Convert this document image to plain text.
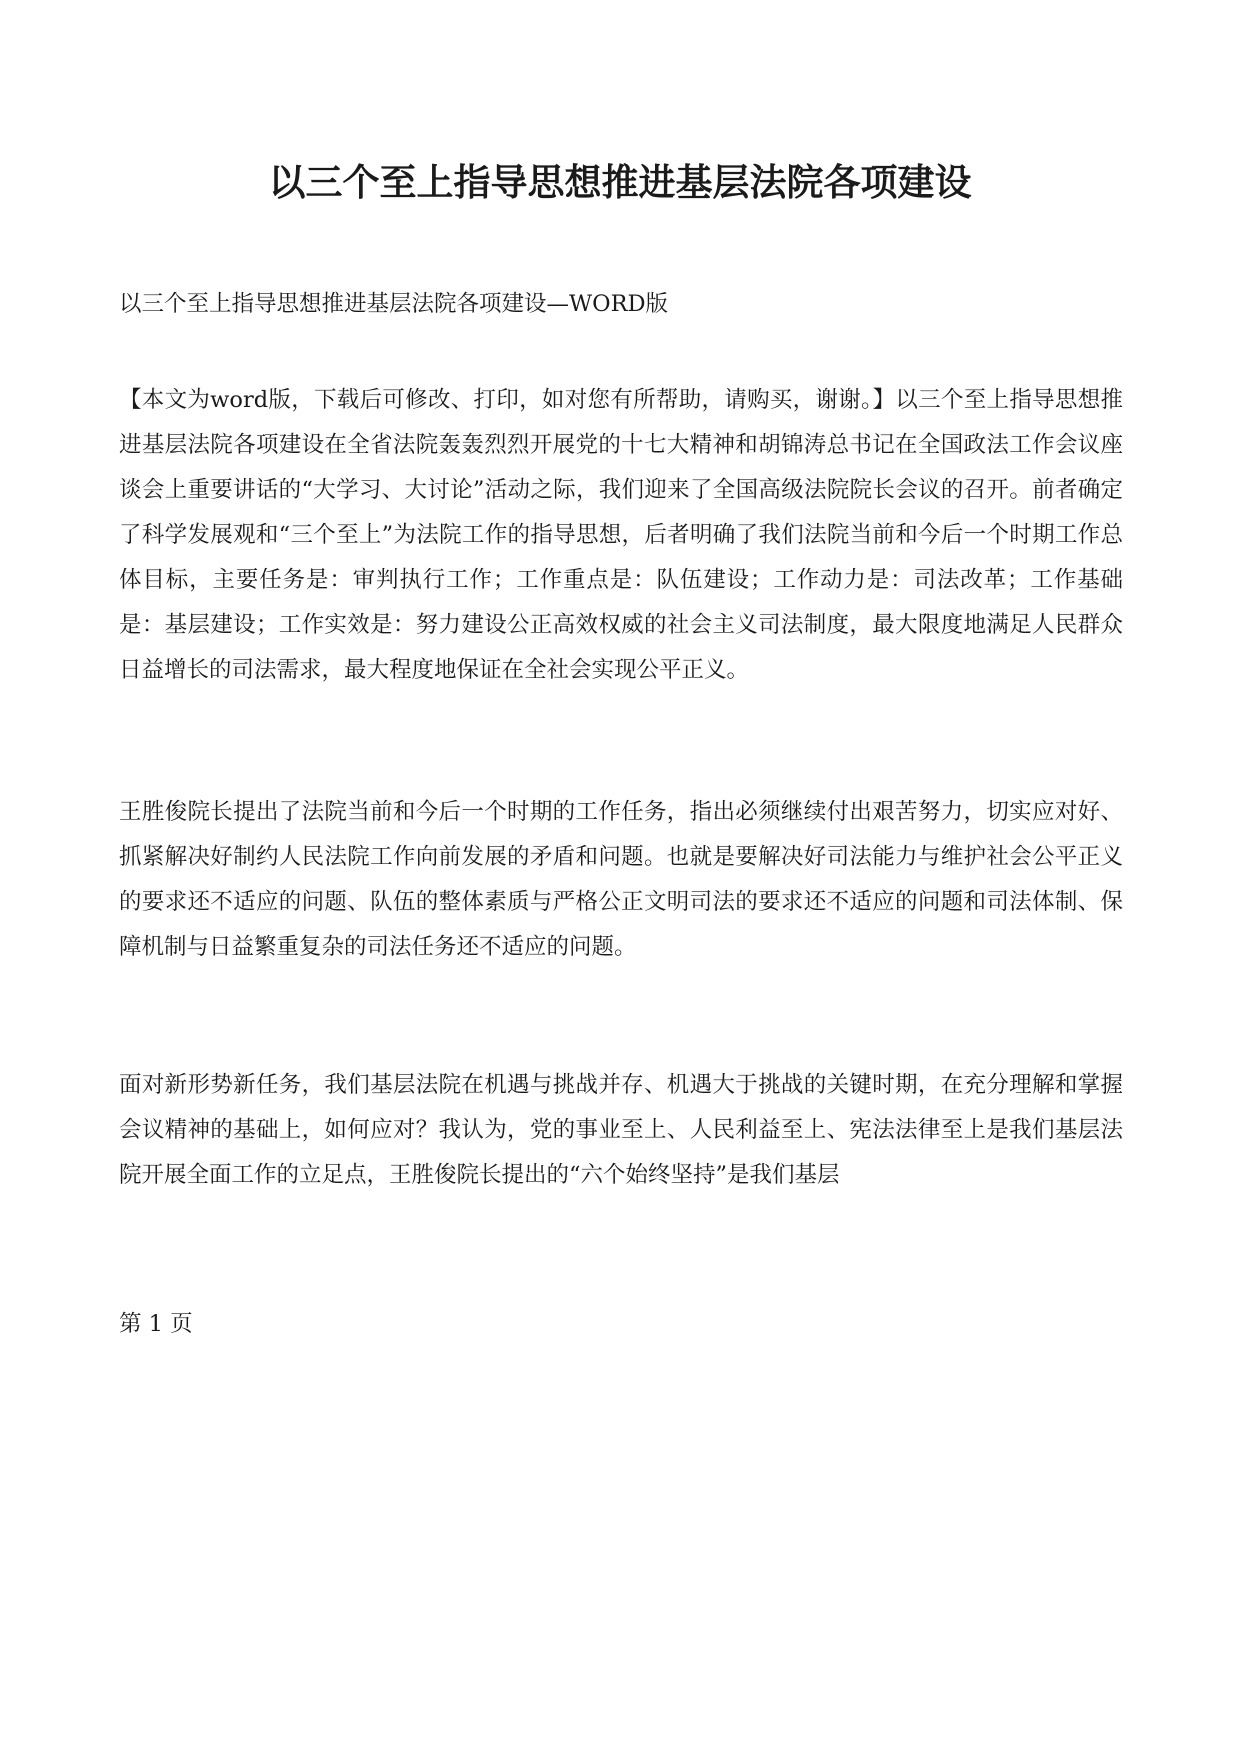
以三个至上指导思想推进基层法院各项建设

以三个至上指导思想推进基层法院各项建设—WORD版

【本文为word版，下载后可修改、打印，如对您有所帮助，请购买，谢谢。】以三个至上指导思想推进基层法院各项建设在全省法院轰轰烈烈开展党的十七大精神和胡锦涛总书记在全国政法工作会议座谈会上重要讲话的“大学习、大讨论”活动之际，我们迎来了全国高级法院院长会议的召开。前者确定了科学发展观和“三个至上”为法院工作的指导思想，后者明确了我们法院当前和今后一个时期工作总体目标，主要任务是：审判执行工作；工作重点是：队伍建设；工作动力是：司法改革；工作基础是：基层建设；工作实效是：努力建设公正高效权威的社会主义司法制度，最大限度地满足人民群众日益增长的司法需求，最大程度地保证在全社会实现公平正义。

王胜俊院长提出了法院当前和今后一个时期的工作任务，指出必须继续付出艰苦努力，切实应对好、抓紧解决好制约人民法院工作向前发展的矛盾和问题。也就是要解决好司法能力与维护社会公平正义的要求还不适应的问题、队伍的整体素质与严格公正文明司法的要求还不适应的问题和司法体制、保障机制与日益繁重复杂的司法任务还不适应的问题。

面对新形势新任务，我们基层法院在机遇与挑战并存、机遇大于挑战的关键时期，在充分理解和掌握会议精神的基础上，如何应对？我认为，党的事业至上、人民利益至上、宪法法律至上是我们基层法院开展全面工作的立足点，王胜俊院长提出的“六个始终坚持”是我们基层

第 1 页
